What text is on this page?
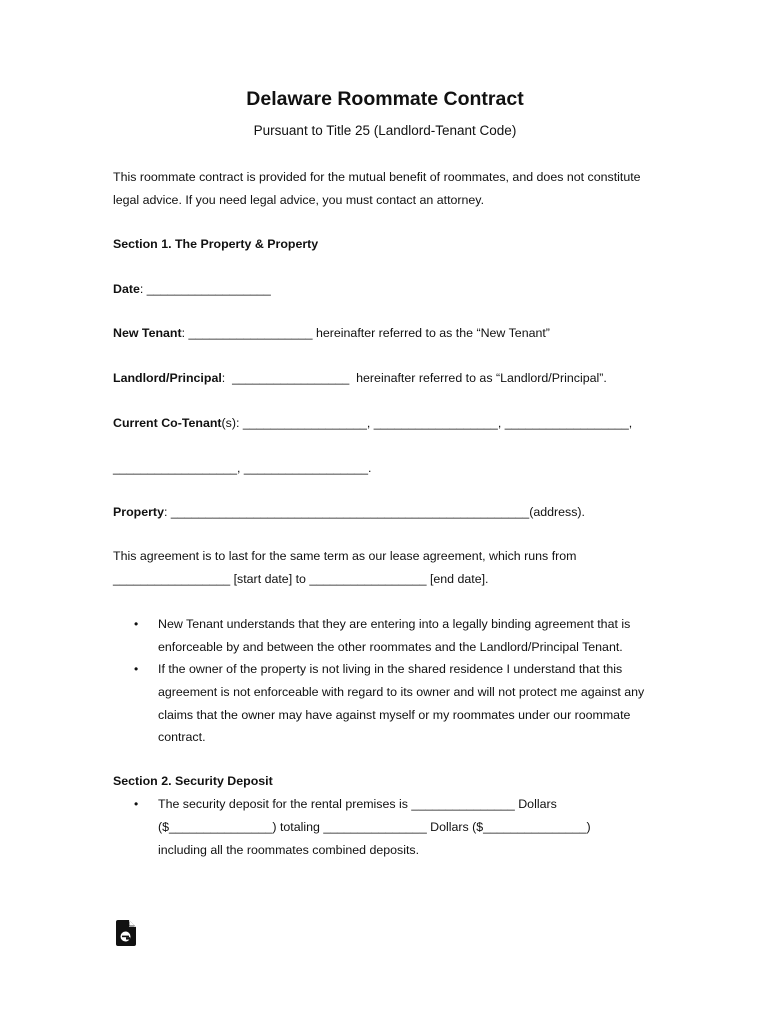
Delaware Roommate Contract
Pursuant to Title 25 (Landlord-Tenant Code)
This roommate contract is provided for the mutual benefit of roommates, and does not constitute
legal advice. If you need legal advice, you must contact an attorney.
Section 1. The Property & Property
Date: __________________
New Tenant: __________________ hereinafter referred to as the “New Tenant”
Landlord/Principal:  _________________  hereinafter referred to as “Landlord/Principal”.
Current Co-Tenant(s): __________________, __________________, __________________,
__________________, __________________.
Property: ____________________________________________________(address).
This agreement is to last for the same term as our lease agreement, which runs from
_________________ [start date] to _________________ [end date].
• New Tenant understands that they are entering into a legally binding agreement that is
enforceable by and between the other roommates and the Landlord/Principal Tenant.
• If the owner of the property is not living in the shared residence I understand that this
agreement is not enforceable with regard to its owner and will not protect me against any
claims that the owner may have against myself or my roommates under our roommate
contract.
Section 2. Security Deposit
• The security deposit for the rental premises is _______________ Dollars
($_______________) totaling _______________ Dollars ($_______________)
including all the roommates combined deposits.
